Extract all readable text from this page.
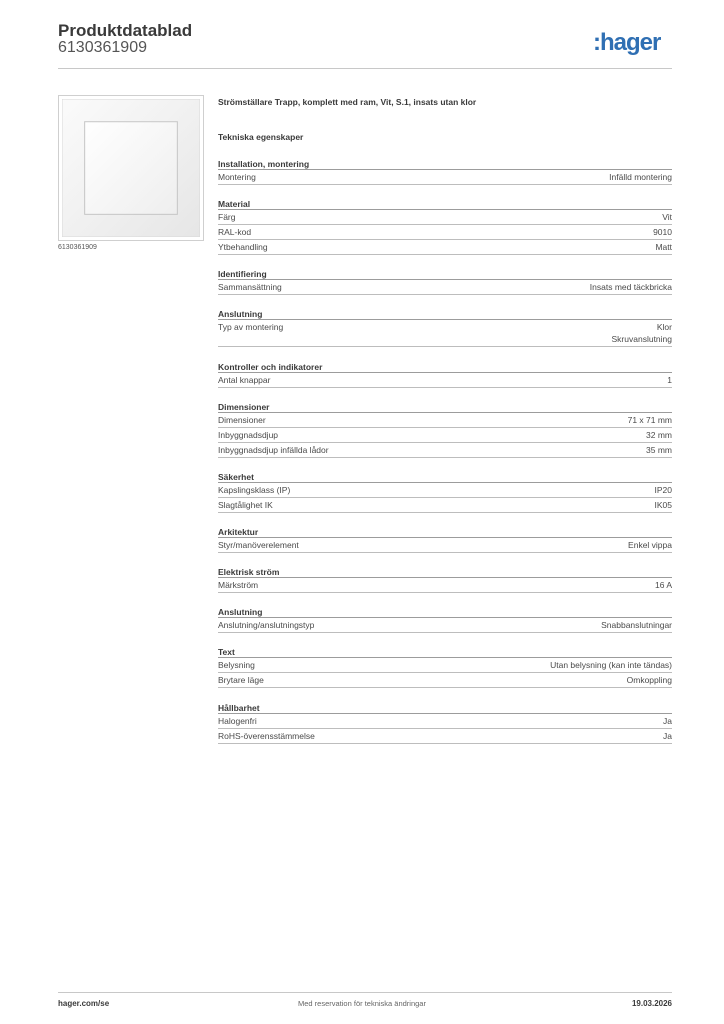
Produktdatablad
6130361909	:hager
6130361909
Strömställare Trapp, komplett med ram, Vit, S.1, insats utan klor
Tekniska egenskaper
Installation, montering
Montering	Infälld montering
Material
Färg	Vit
RAL-kod	9010
Ytbehandling	Matt
Identifiering
Sammansättning	Insats med täckbricka
Anslutning
Typ av montering	Klor
Skruvanslutning
Kontroller och indikatorer
Antal knappar	1
Dimensioner
Dimensioner	71 x 71 mm
Inbyggnadsdjup	32 mm
Inbyggnadsdjup infällda lådor	35 mm
Säkerhet
Kapslingsklass (IP)	IP20
Slagtålighet IK	IK05
Arkitektur
Styr/manöverelement	Enkel vippa
Elektrisk ström
Märkström	16 A
Anslutning
Anslutning/anslutningstyp	Snabbanslutningar
Text
Belysning	Utan belysning (kan inte tändas)
Brytare läge	Omkoppling
Hållbarhet
Halogenfri	Ja
RoHS-överensstämmelse	Ja
hager.com/se	Med reservation för tekniska ändringar	19.03.2026
